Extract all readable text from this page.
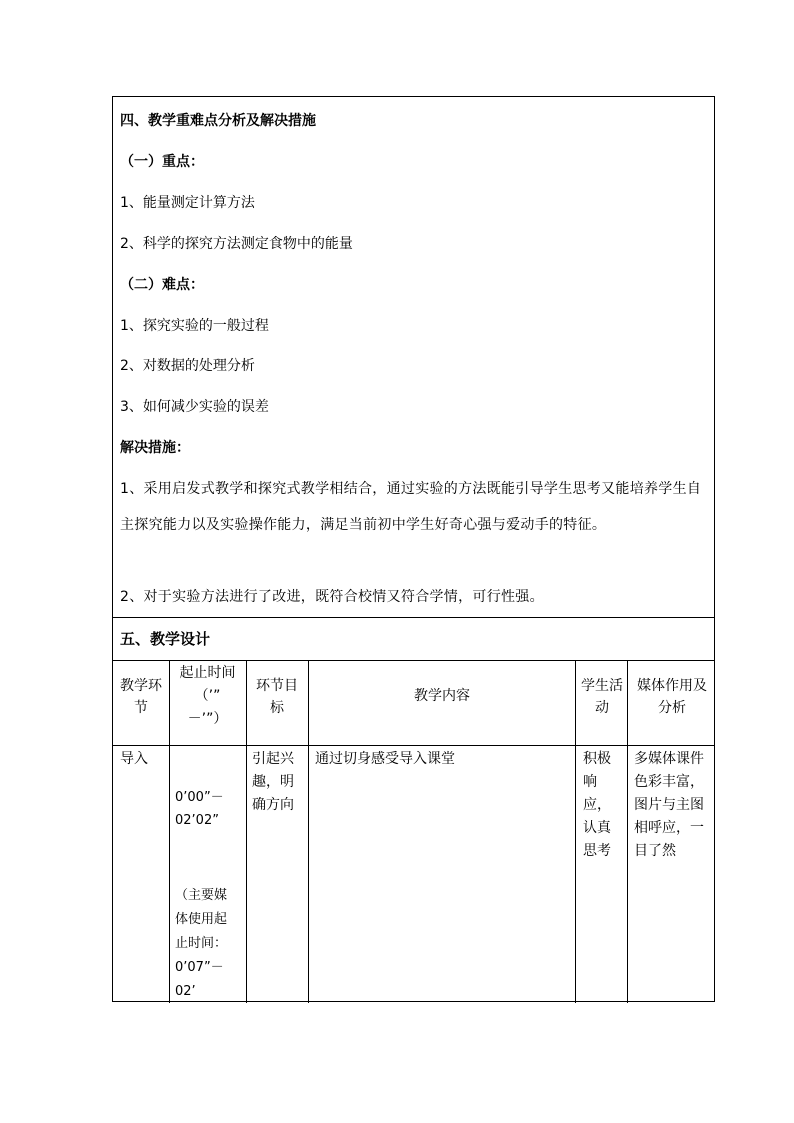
四、教学重难点分析及解决措施
（一）重点：
1、能量测定计算方法
2、科学的探究方法测定食物中的能量
（二）难点：
1、探究实验的一般过程
2、对数据的处理分析
3、如何减少实验的误差
解决措施：
1、采用启发式教学和探究式教学相结合，通过实验的方法既能引导学生思考又能培养学生自主探究能力以及实验操作能力，满足当前初中学生好奇心强与爱动手的特征。
2、对于实验方法进行了改进，既符合校情又符合学情，可行性强。
五、教学设计
教学环节
起止时间
（’”
－’”）
环节目标
教学内容
学生活动
媒体作用及分析
导入
0’00”－
02’02”
（主要媒
体使用起
止时间：
0’07”－
02’
引起兴趣，明确方向
通过切身感受导入课堂	积极响应，认真思考
多媒体课件色彩丰富，图片与主图相呼应，一目了然
